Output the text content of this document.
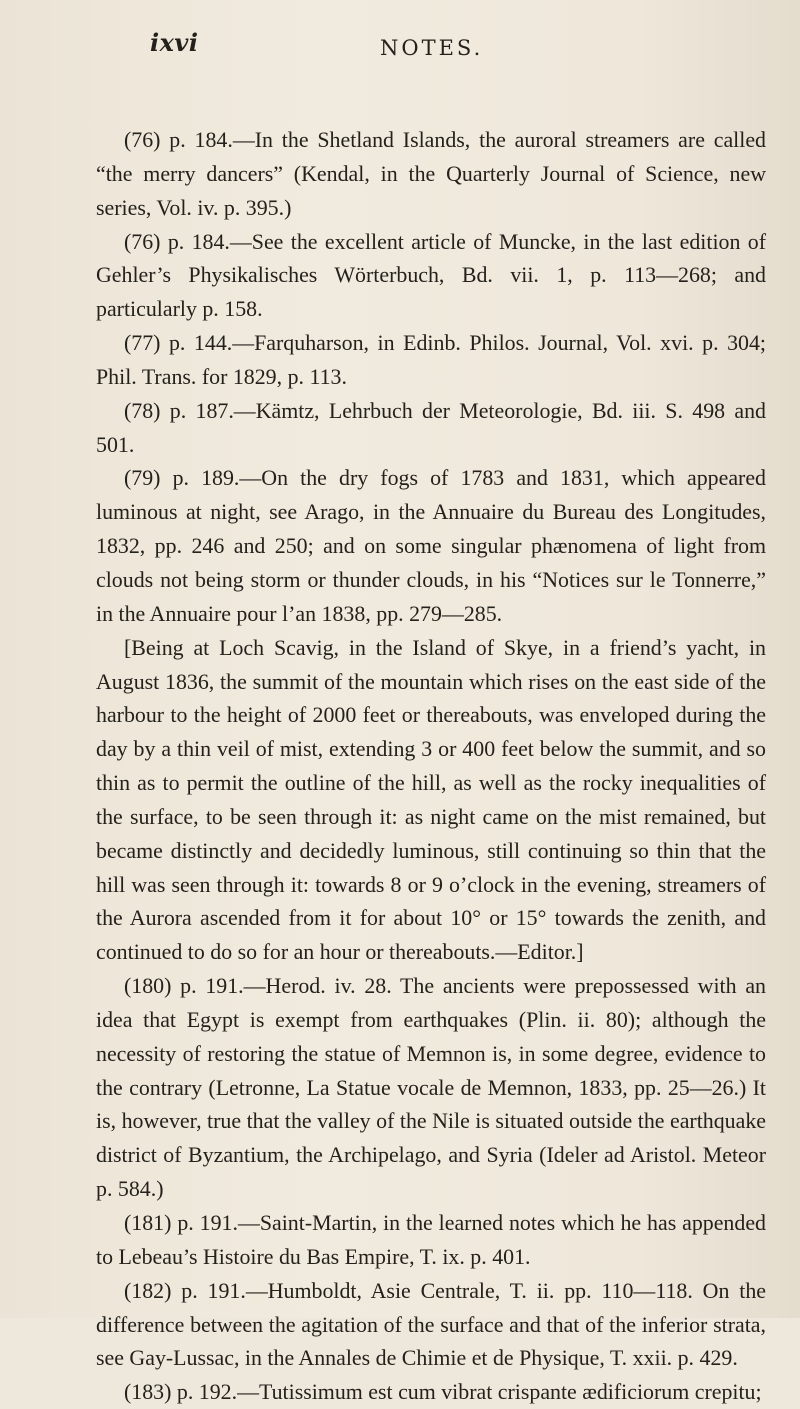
ixvi	NOTES.

(76) p. 184.—In the Shetland Islands, the auroral streamers are called “the merry dancers” (Kendal, in the Quarterly Journal of Science, new series, Vol. iv. p. 395.)

(76) p. 184.—See the excellent article of Muncke, in the last edition of Gehler’s Physikalisches Wörterbuch, Bd. vii. 1, p. 113—268; and particularly p. 158.

(77) p. 144.—Farquharson, in Edinb. Philos. Journal, Vol. xvi. p. 304; Phil. Trans. for 1829, p. 113.

(78) p. 187.—Kämtz, Lehrbuch der Meteorologie, Bd. iii. S. 498 and 501.

(79) p. 189.—On the dry fogs of 1783 and 1831, which appeared luminous at night, see Arago, in the Annuaire du Bureau des Longitudes, 1832, pp. 246 and 250; and on some singular phænomena of light from clouds not being storm or thunder clouds, in his “Notices sur le Tonnerre,” in the Annuaire pour l’an 1838, pp. 279—285.

[Being at Loch Scavig, in the Island of Skye, in a friend’s yacht, in August 1836, the summit of the mountain which rises on the east side of the harbour to the height of 2000 feet or thereabouts, was enveloped during the day by a thin veil of mist, extending 3 or 400 feet below the summit, and so thin as to permit the outline of the hill, as well as the rocky inequalities of the surface, to be seen through it: as night came on the mist remained, but became distinctly and decidedly luminous, still continuing so thin that the hill was seen through it: towards 8 or 9 o’clock in the evening, streamers of the Aurora ascended from it for about 10° or 15° towards the zenith, and continued to do so for an hour or thereabouts.—Editor.]

(180) p. 191.—Herod. iv. 28. The ancients were prepossessed with an idea that Egypt is exempt from earthquakes (Plin. ii. 80); although the necessity of restoring the statue of Memnon is, in some degree, evidence to the contrary (Letronne, La Statue vocale de Memnon, 1833, pp. 25—26.) It is, however, true that the valley of the Nile is situated outside the earthquake district of Byzantium, the Archipelago, and Syria (Ideler ad Aristol. Meteor p. 584.)

(181) p. 191.—Saint-Martin, in the learned notes which he has appended to Lebeau’s Histoire du Bas Empire, T. ix. p. 401.

(182) p. 191.—Humboldt, Asie Centrale, T. ii. pp. 110—118. On the difference between the agitation of the surface and that of the inferior strata, see Gay-Lussac, in the Annales de Chimie et de Physique, T. xxii. p. 429.

(183) p. 192.—Tutissimum est cum vibrat crispante ædificiorum crepitu;
